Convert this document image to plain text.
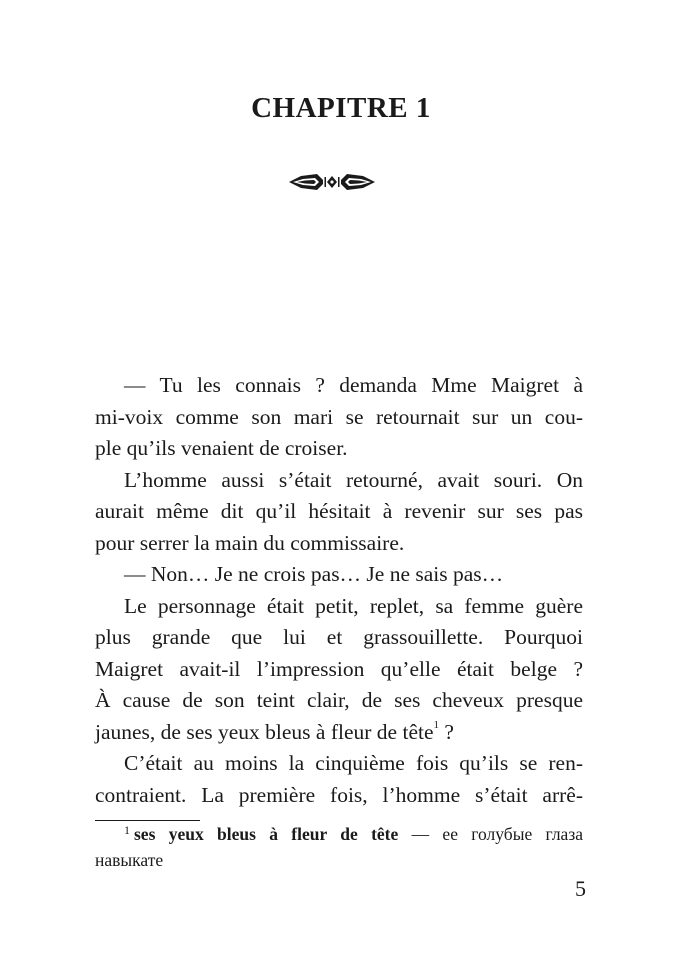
CHAPITRE 1
— Tu les connais ? demanda Mme Maigret à
mi-voix comme son mari se retournait sur un cou-
ple qu’ils venaient de croiser.
L’homme aussi s’était retourné, avait souri. On
aurait même dit qu’il hésitait à revenir sur ses pas
pour serrer la main du commissaire.
— Non… Je ne crois pas… Je ne sais pas…
Le personnage était petit, replet, sa femme guère
plus grande que lui et grassouillette. Pourquoi
Maigret avait-il l’impression qu’elle était belge ?
À cause de son teint clair, de ses cheveux presque
jaunes, de ses yeux bleus à fleur de tête$^1$ ?
C’était au moins la cinquième fois qu’ils se ren-
contraient. La première fois, l’homme s’était arrê-
$^1$ ses yeux bleus à fleur de tête — ее голубые глаза
навыкате
5
